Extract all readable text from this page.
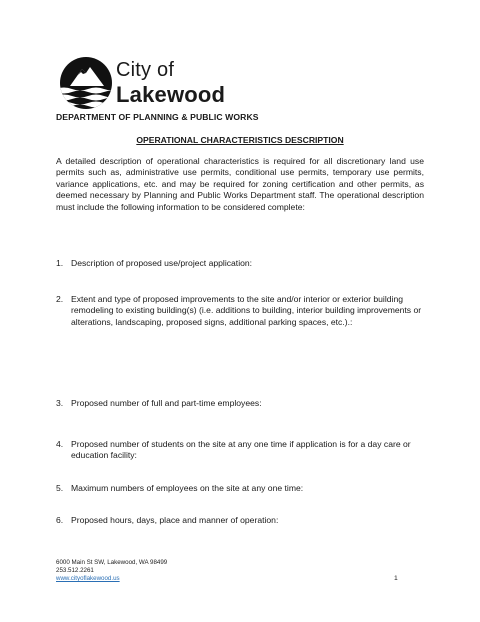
City of
Lakewood
DEPARTMENT OF PLANNING & PUBLIC WORKS
OPERATIONAL CHARACTERISTICS DESCRIPTION
A detailed description of operational characteristics is required for all discretionary land use permits such as, administrative use permits, conditional use permits, temporary use permits, variance applications, etc. and may be required for zoning certification and other permits, as deemed necessary by Planning and Public Works Department staff. The operational description must include the following information to be considered complete:
1. Description of proposed use/project application:
2. Extent and type of proposed improvements to the site and/or interior or exterior building remodeling to existing building(s) (i.e. additions to building, interior building improvements or alterations, landscaping, proposed signs, additional parking spaces, etc.).:
3. Proposed number of full and part-time employees:
4. Proposed number of students on the site at any one time if application is for a day care or education facility:
5. Maximum numbers of employees on the site at any one time:
6. Proposed hours, days, place and manner of operation:
6000 Main St SW, Lakewood, WA 98499
253.512.2261
www.cityoflakewood.us	1
